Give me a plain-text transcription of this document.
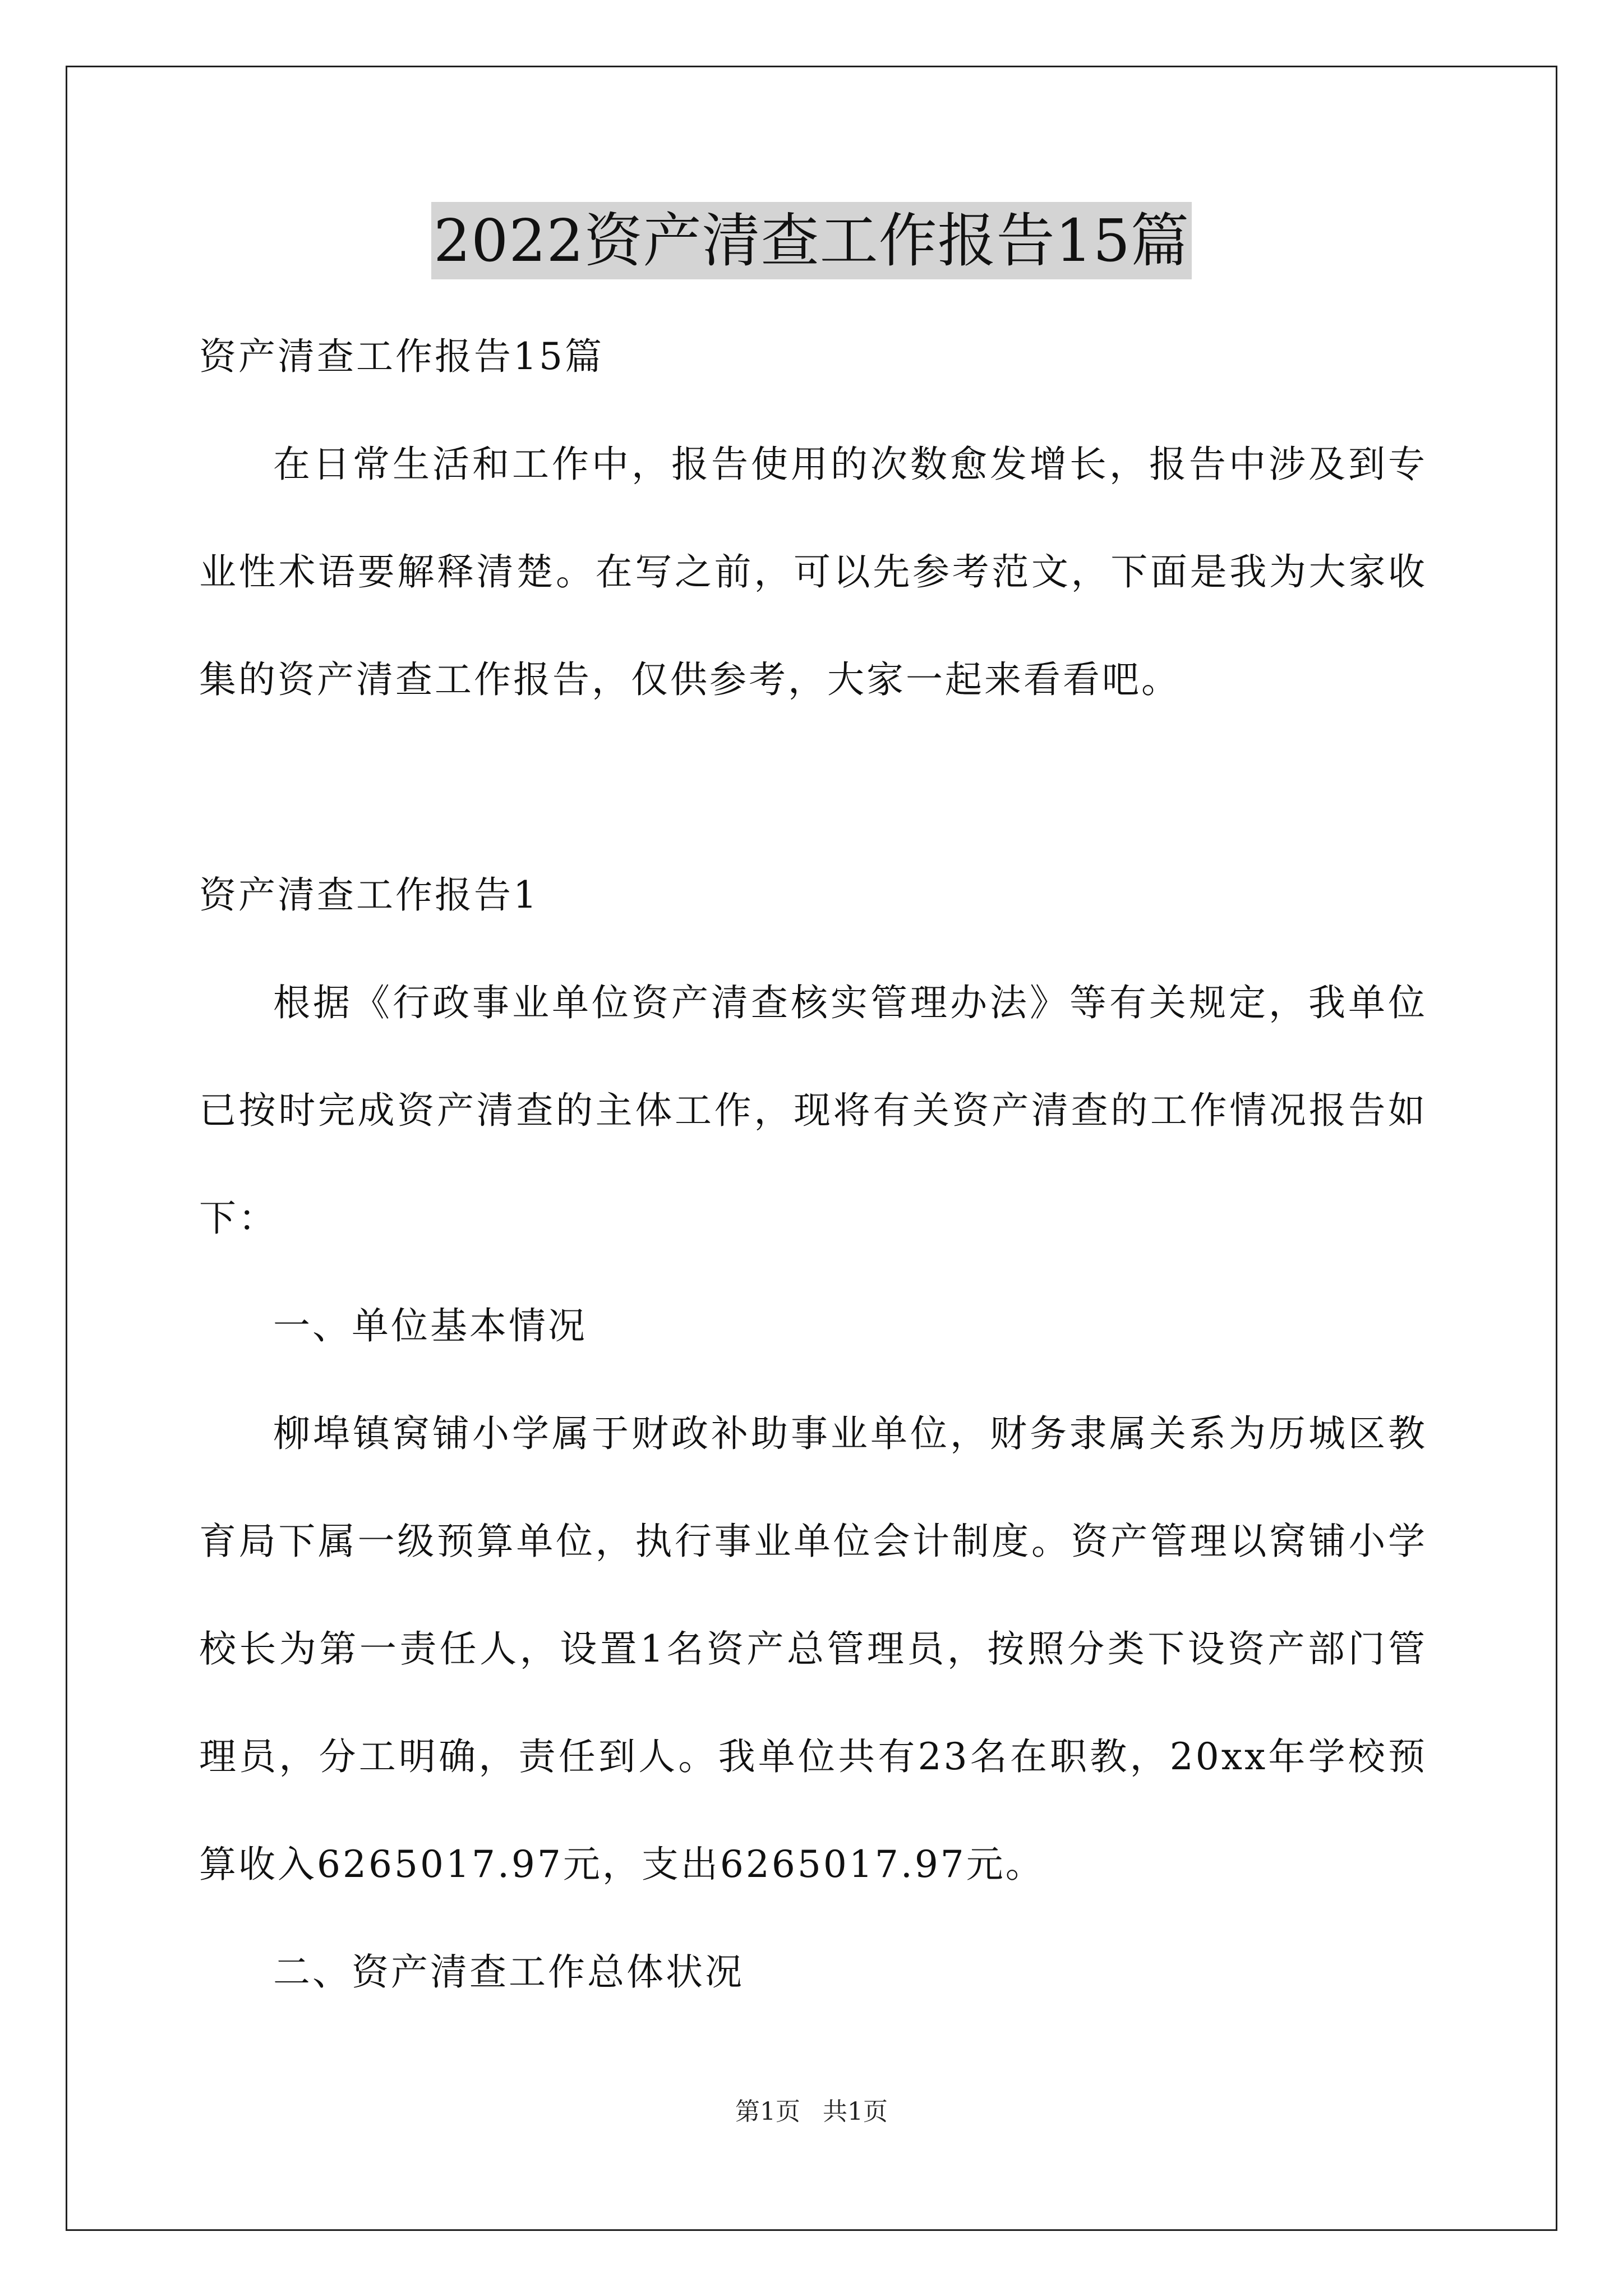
2022资产清查工作报告15篇

资产清查工作报告15篇

在日常生活和工作中，报告使用的次数愈发增长，报告中涉及到专业性术语要解释清楚。在写之前，可以先参考范文，下面是我为大家收集的资产清查工作报告，仅供参考，大家一起来看看吧。

资产清查工作报告1

根据《行政事业单位资产清查核实管理办法》等有关规定，我单位已按时完成资产清查的主体工作，现将有关资产清查的工作情况报告如下：

一、单位基本情况

柳埠镇窝铺小学属于财政补助事业单位，财务隶属关系为历城区教育局下属一级预算单位，执行事业单位会计制度。资产管理以窝铺小学校长为第一责任人，设置1名资产总管理员，按照分类下设资产部门管理员，分工明确，责任到人。我单位共有23名在职教，20xx年学校预算收入6265017.97元，支出6265017.97元。

二、资产清查工作总体状况

第1页 共1页
